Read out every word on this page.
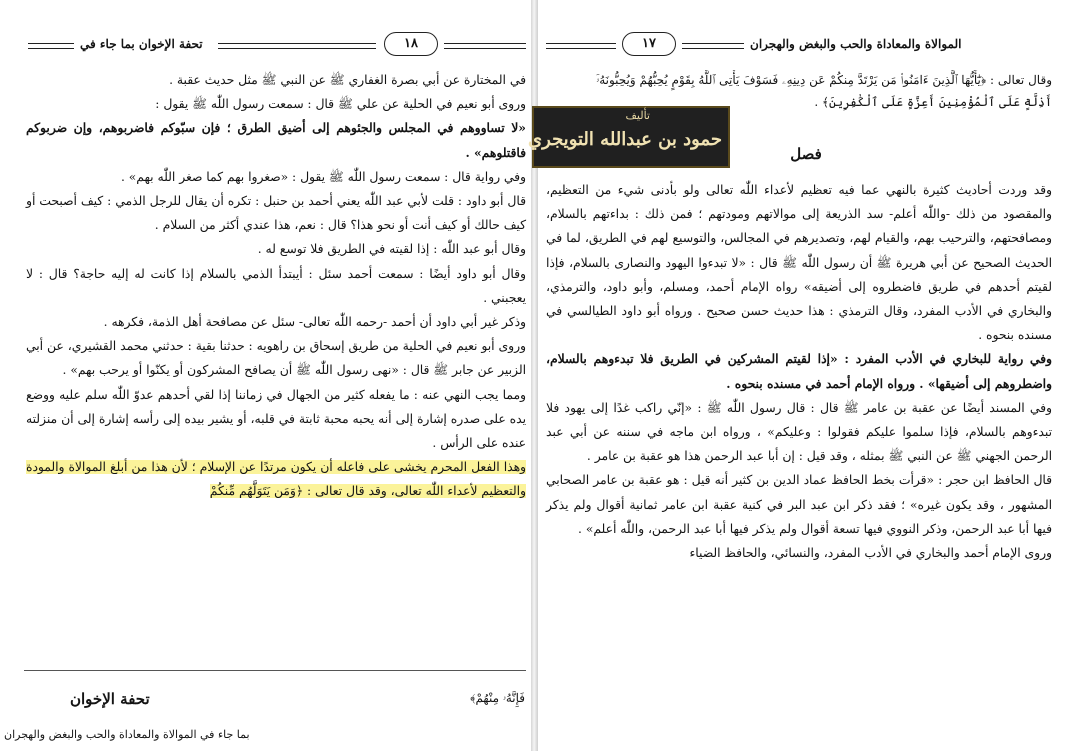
تحفة الإخوان بما جاء في	١٨

في المختارة عن أبي بصرة الغفاري ﷺ عن النبي ﷺ مثل حديث عقبة .

وروى أبو نعيم في الحلية عن علي ﷺ قال : سمعت رسول اللّٰه ﷺ يقول :

«لا تساووهم في المجلس والجئوهم إلى أضيق الطرق ؛ فإن سبّوكم فاضربوهم، وإن ضربوكم فاقتلوهم» .

وفي رواية قال : سمعت رسول اللّٰه ﷺ يقول : «صغروا بهم كما صغر اللّٰه بهم» .

قال أبو داود : قلت لأبي عبد اللّٰه يعني أحمد بن حنبل : تكره أن يقال للرجل الذمي : كيف أصبحت أو كيف حالك أو كيف أنت أو نحو هذا؟ قال : نعم، هذا عندي أكثر من السلام .

وقال أبو عبد اللّٰه : إذا لقيته في الطريق فلا توسع له .

وقال أبو داود أيضًا : سمعت أحمد سئل : أيبتدأ الذمي بالسلام إذا كانت له إليه حاجة؟ قال : لا يعجبني .

وذكر غير أبي داود أن أحمد -رحمه اللّٰه تعالى- سئل عن مصافحة أهل الذمة، فكرهه .

وروى أبو نعيم في الحلية من طريق إسحاق بن راهويه : حدثنا بقية : حدثني محمد القشيري، عن أبي الزبير عن جابر ﷺ قال : «نهى رسول اللّٰه ﷺ أن يصافح المشركون أو يكنّوا أو يرحب بهم» .

ومما يجب النهي عنه : ما يفعله كثير من الجهال في زماننا إذا لقي أحدهم عدوّ اللّٰه سلم عليه ووضع يده على صدره إشارة إلى أنه يحبه محبة ثابتة في قلبه، أو يشير بيده إلى رأسه إشارة إلى أن منزلته عنده على الرأس .

وهذا الفعل المحرم يخشى على فاعله أن يكون مرتدًا عن الإسلام ؛ لأن هذا من أبلغ الموالاة والمودة والتعظيم لأعداء اللّٰه تعالى، وقد قال تعالى : ﴿وَمَن يَتَوَلَّهُم مِّنكُمْ

فَإِنَّهُۥ مِنْهُمْ﴾
تحفة الإخوان
بما جاء في الموالاة والمعاداة والحب والبغض والهجران
١٧	الموالاة والمعاداة والحب والبغض والهجران
وقال تعالى : ﴿يَٰٓأَيُّهَا ٱلَّذِينَ ءَامَنُوا۟ مَن يَرْتَدَّ مِنكُمْ عَن دِينِهِۦ فَسَوْفَ يَأْتِى ٱللَّهُ بِقَوْمٍ يُحِبُّهُمْ وَيُحِبُّونَهُۥٓ
أَذِلَّةٍ عَلَى ٱلْمُؤْمِنِينَ أَعِزَّةٍ عَلَى ٱلْكَٰفِرِينَ﴾ .

وقد وردت أحاديث كثيرة بالنهي عما فيه تعظيم لأعداء اللّٰه تعالى ولو بأدنى شيء من التعظيم، والمقصود من ذلك -واللّٰه أعلم- سد الذريعة إلى موالاتهم ومودتهم ؛ فمن ذلك : بداءتهم بالسلام، ومصافحتهم، والترحيب بهم، والقيام لهم، وتصديرهم في المجالس، والتوسيع لهم في الطريق، لما في الحديث الصحيح عن أبي هريرة ﷺ أن رسول اللّٰه ﷺ قال : «لا تبدءوا اليهود والنصارى بالسلام، فإذا لقيتم أحدهم في طريق فاضطروه إلى أضيقه» رواه الإمام أحمد، ومسلم، وأبو داود، والترمذي، والبخاري في الأدب المفرد، وقال الترمذي : هذا حديث حسن صحيح . ورواه أبو داود الطيالسي في مسنده بنحوه .

وفي رواية للبخاري في الأدب المفرد : «إذا لقيتم المشركين في الطريق فلا تبدءوهم بالسلام، واضطروهم إلى أضيقها» . ورواه الإمام أحمد في مسنده بنحوه .

وفي المسند أيضًا عن عقبة بن عامر ﷺ قال : قال رسول اللّٰه ﷺ : «إنّي راكب غدًا إلى يهود فلا تبدءوهم بالسلام، فإذا سلموا عليكم فقولوا : وعليكم» ، ورواه ابن ماجه في سننه عن أبي عبد الرحمن الجهني ﷺ عن النبي ﷺ بمثله ، وقد قيل : إن أبا عبد الرحمن هذا هو عقبة بن عامر .

قال الحافظ ابن حجر : «قرأت بخط الحافظ عماد الدين بن كثير أنه قيل : هو عقبة بن عامر الصحابي المشهور ، وقد يكون غيره» ؛ فقد ذكر ابن عبد البر في كنية عقبة ابن عامر ثمانية أقوال ولم يذكر فيها أبا عبد الرحمن، وذكر النووي فيها تسعة أقوال ولم يذكر فيها أبا عبد الرحمن، واللّٰه أعلم» .

وروى الإمام أحمد والبخاري في الأدب المفرد، والنسائي، والحافظ الضياء

تأليف
حمود بن عبدالله التويجري
فصل
